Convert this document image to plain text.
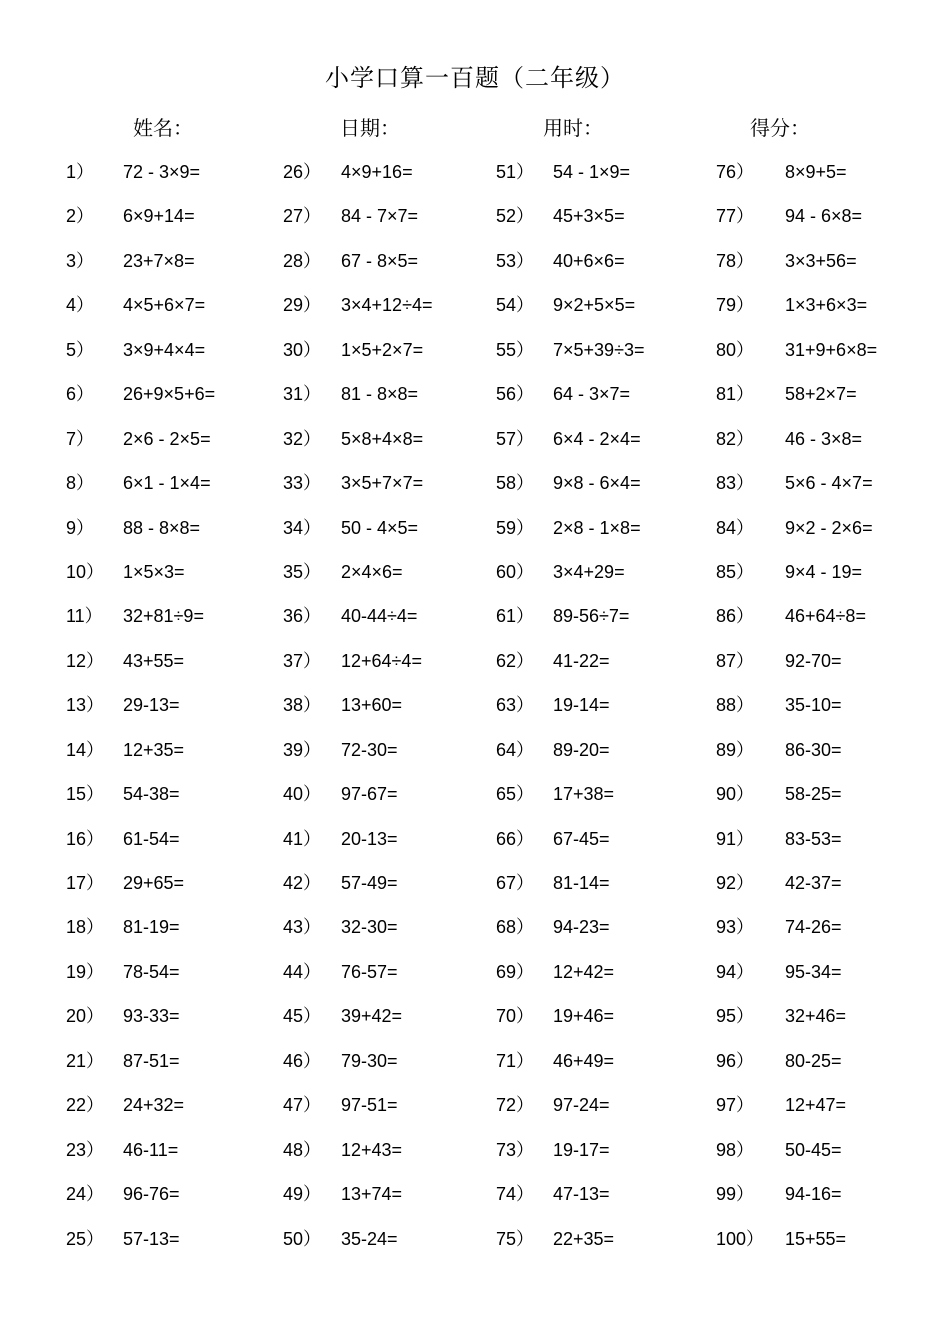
小学口算一百题（二年级）
姓名：	日期：	用时：	得分：
1） 72 - 3×9=
2） 6×9+14=
3） 23+7×8=
4） 4×5+6×7=
5） 3×9+4×4=
6） 26+9×5+6=
7） 2×6 - 2×5=
8） 6×1 - 1×4=
9） 88 - 8×8=
10） 1×5×3=
11） 32+81÷9=
12） 43+55=
13） 29-13=
14） 12+35=
15） 54-38=
16） 61-54=
17） 29+65=
18） 81-19=
19） 78-54=
20） 93-33=
21） 87-51=
22） 24+32=
23） 46-11=
24） 96-76=
25） 57-13=
26） 4×9+16=
27） 84 - 7×7=
28） 67 - 8×5=
29） 3×4+12÷4=
30） 1×5+2×7=
31） 81 - 8×8=
32） 5×8+4×8=
33） 3×5+7×7=
34） 50 - 4×5=
35） 2×4×6=
36） 40-44÷4=
37） 12+64÷4=
38） 13+60=
39） 72-30=
40） 97-67=
41） 20-13=
42） 57-49=
43） 32-30=
44） 76-57=
45） 39+42=
46） 79-30=
47） 97-51=
48） 12+43=
49） 13+74=
50） 35-24=
51） 54 - 1×9=
52） 45+3×5=
53） 40+6×6=
54） 9×2+5×5=
55） 7×5+39÷3=
56） 64 - 3×7=
57） 6×4 - 2×4=
58） 9×8 - 6×4=
59） 2×8 - 1×8=
60） 3×4+29=
61） 89-56÷7=
62） 41-22=
63） 19-14=
64） 89-20=
65） 17+38=
66） 67-45=
67） 81-14=
68） 94-23=
69） 12+42=
70） 19+46=
71） 46+49=
72） 97-24=
73） 19-17=
74） 47-13=
75） 22+35=
76） 8×9+5=
77） 94 - 6×8=
78） 3×3+56=
79） 1×3+6×3=
80） 31+9+6×8=
81） 58+2×7=
82） 46 - 3×8=
83） 5×6 - 4×7=
84） 9×2 - 2×6=
85） 9×4 - 19=
86） 46+64÷8=
87） 92-70=
88） 35-10=
89） 86-30=
90） 58-25=
91） 83-53=
92） 42-37=
93） 74-26=
94） 95-34=
95） 32+46=
96） 80-25=
97） 12+47=
98） 50-45=
99） 94-16=
100） 15+55=
